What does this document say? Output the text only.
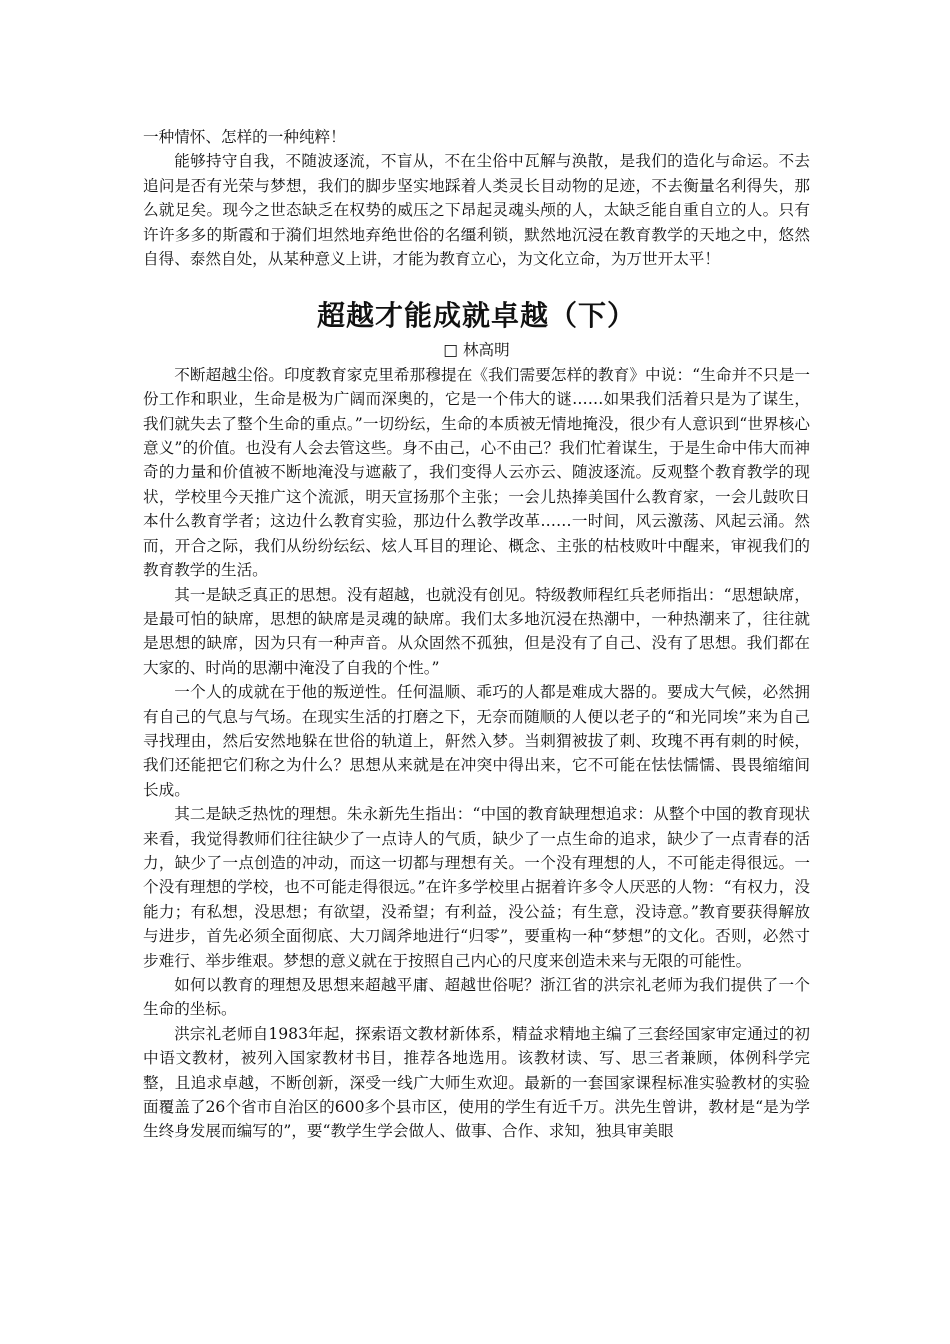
一种情怀、怎样的一种纯粹！

能够持守自我，不随波逐流，不盲从，不在尘俗中瓦解与涣散，是我们的造化与命运。不去追问是否有光荣与梦想，我们的脚步坚实地踩着人类灵长目动物的足迹，不去衡量名利得失，那么就足矣。现今之世态缺乏在权势的威压之下昂起灵魂头颅的人，太缺乏能自重自立的人。只有许许多多的斯霞和于漪们坦然地弃绝世俗的名缰利锁，默然地沉浸在教育教学的天地之中，悠然自得、泰然自处，从某种意义上讲，才能为教育立心，为文化立命，为万世开太平！

超越才能成就卓越（下）

□ 林高明

不断超越尘俗。印度教育家克里希那穆提在《我们需要怎样的教育》中说：“生命并不只是一份工作和职业，生命是极为广阔而深奥的，它是一个伟大的谜……如果我们活着只是为了谋生，我们就失去了整个生命的重点。”一切纷纭，生命的本质被无情地掩没，很少有人意识到“世界核心意义”的价值。也没有人会去管这些。身不由己，心不由己？我们忙着谋生，于是生命中伟大而神奇的力量和价值被不断地淹没与遮蔽了，我们变得人云亦云、随波逐流。反观整个教育教学的现状，学校里今天推广这个流派，明天宣扬那个主张；一会儿热捧美国什么教育家，一会儿鼓吹日本什么教育学者；这边什么教育实验，那边什么教学改革……一时间，风云激荡、风起云涌。然而，开合之际，我们从纷纷纭纭、炫人耳目的理论、概念、主张的枯枝败叶中醒来，审视我们的教育教学的生活。

其一是缺乏真正的思想。没有超越，也就没有创见。特级教师程红兵老师指出：“思想缺席，是最可怕的缺席，思想的缺席是灵魂的缺席。我们太多地沉浸在热潮中，一种热潮来了，往往就是思想的缺席，因为只有一种声音。从众固然不孤独，但是没有了自己、没有了思想。我们都在大家的、时尚的思潮中淹没了自我的个性。”

一个人的成就在于他的叛逆性。任何温顺、乖巧的人都是难成大器的。要成大气候，必然拥有自己的气息与气场。在现实生活的打磨之下，无奈而随顺的人便以老子的“和光同埃”来为自己寻找理由，然后安然地躲在世俗的轨道上，鼾然入梦。当刺猬被拔了刺、玫瑰不再有刺的时候，我们还能把它们称之为什么？思想从来就是在冲突中得出来，它不可能在怯怯懦懦、畏畏缩缩间长成。

其二是缺乏热忱的理想。朱永新先生指出：“中国的教育缺理想追求：从整个中国的教育现状来看，我觉得教师们往往缺少了一点诗人的气质，缺少了一点生命的追求，缺少了一点青春的活力，缺少了一点创造的冲动，而这一切都与理想有关。一个没有理想的人，不可能走得很远。一个没有理想的学校，也不可能走得很远。”在许多学校里占据着许多令人厌恶的人物：“有权力，没能力；有私想，没思想；有欲望，没希望；有利益，没公益；有生意，没诗意。”教育要获得解放与进步，首先必须全面彻底、大刀阔斧地进行“归零”，要重构一种“梦想”的文化。否则，必然寸步难行、举步维艰。梦想的意义就在于按照自己内心的尺度来创造未来与无限的可能性。

如何以教育的理想及思想来超越平庸、超越世俗呢？浙江省的洪宗礼老师为我们提供了一个生命的坐标。

洪宗礼老师自1983年起，探索语文教材新体系，精益求精地主编了三套经国家审定通过的初中语文教材，被列入国家教材书目，推荐各地选用。该教材读、写、思三者兼顾，体例科学完整，且追求卓越，不断创新，深受一线广大师生欢迎。最新的一套国家课程标准实验教材的实验面覆盖了26个省市自治区的600多个县市区，使用的学生有近千万。洪先生曾讲，教材是“是为学生终身发展而编写的”，要“教学生学会做人、做事、合作、求知，独具审美眼
